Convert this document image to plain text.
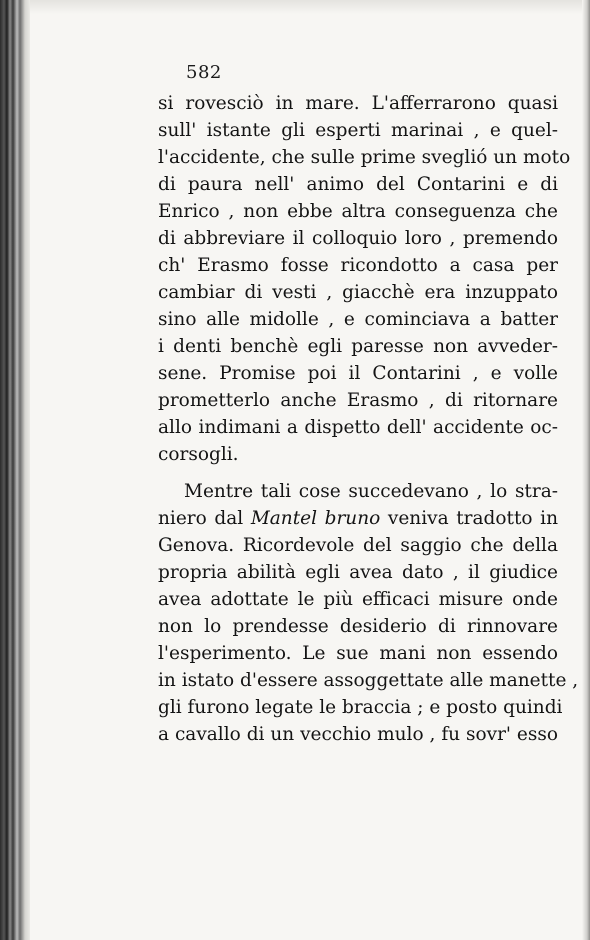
582
si rovesciò in mare. L'afferrarono quasi
sull' istante gli esperti marinai , e quel-
l'accidente, che sulle prime sveglió un moto
di paura nell' animo del Contarini e di
Enrico , non ebbe altra conseguenza che
di abbreviare il colloquio loro , premendo
ch' Erasmo fosse ricondotto a casa per
cambiar di vesti , giacchè era inzuppato
sino alle midolle , e cominciava a batter
i denti benchè egli paresse non avveder-
sene. Promise poi il Contarini , e volle
prometterlo anche Erasmo , di ritornare
allo indimani a dispetto dell' accidente oc-
corsogli.
Mentre tali cose succedevano , lo stra-
niero dal Mantel bruno veniva tradotto in
Genova. Ricordevole del saggio che della
propria abilità egli avea dato , il giudice
avea adottate le più efficaci misure onde
non lo prendesse desiderio di rinnovare
l'esperimento. Le sue mani non essendo
in istato d'essere assoggettate alle manette ,
gli furono legate le braccia ; e posto quindi
a cavallo di un vecchio mulo , fu sovr' esso
